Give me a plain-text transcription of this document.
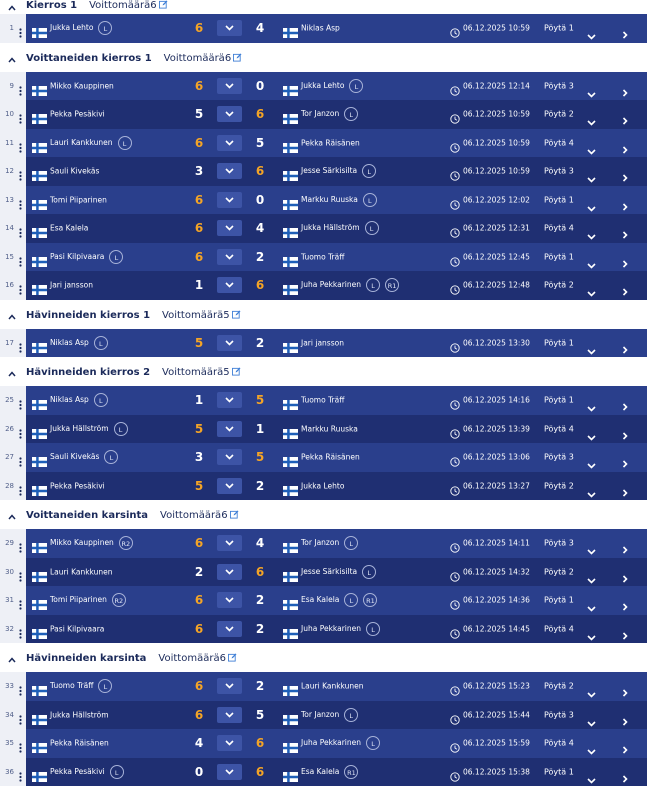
Kierros 1 Voittomäärä6
1	Jukka Lehto L	6	4	Niklas Asp	06.12.2025 10:59 Pöytä 1
Voittaneiden kierros 1 Voittomäärä6
9	Mikko Kauppinen	6	0	Jukka Lehto L	06.12.2025 12:14 Pöytä 3
10	Pekka Pesäkivi	5	6	Tor Janzon L	06.12.2025 10:59 Pöytä 2
11	Lauri Kankkunen L	6	5	Pekka Räisänen	06.12.2025 10:59 Pöytä 4
12	Sauli Kivekäs	3	6	Jesse Särkisilta L	06.12.2025 10:59 Pöytä 3
13	Tomi Piiparinen	6	0	Markku Ruuska L	06.12.2025 12:02 Pöytä 1
14	Esa Kalela	6	4	Jukka Hällström L	06.12.2025 12:31 Pöytä 4
15	Pasi Kilpivaara L	6	2	Tuomo Träff	06.12.2025 12:45 Pöytä 1
16	Jari jansson	1	6	Juha Pekkarinen L R1	06.12.2025 12:48 Pöytä 2
Hävinneiden kierros 1 Voittomäärä5
17	Niklas Asp L	5	2	Jari jansson	06.12.2025 13:30 Pöytä 1
Hävinneiden kierros 2 Voittomäärä5
25	Niklas Asp L	1	5	Tuomo Träff	06.12.2025 14:16 Pöytä 1
26	Jukka Hällström L	5	1	Markku Ruuska	06.12.2025 13:39 Pöytä 4
27	Sauli Kivekäs L	3	5	Pekka Räisänen	06.12.2025 13:06 Pöytä 3
28	Pekka Pesäkivi	5	2	Jukka Lehto	06.12.2025 13:27 Pöytä 2
Voittaneiden karsinta Voittomäärä6
29	Mikko Kauppinen R2	6	4	Tor Janzon L	06.12.2025 14:11 Pöytä 3
30	Lauri Kankkunen	2	6	Jesse Särkisilta L	06.12.2025 14:32 Pöytä 2
31	Tomi Piiparinen R2	6	2	Esa Kalela L R1	06.12.2025 14:36 Pöytä 1
32	Pasi Kilpivaara	6	2	Juha Pekkarinen L	06.12.2025 14:45 Pöytä 4
Hävinneiden karsinta Voittomäärä6
33	Tuomo Träff L	6	2	Lauri Kankkunen	06.12.2025 15:23 Pöytä 2
34	Jukka Hällström	6	5	Tor Janzon L	06.12.2025 15:44 Pöytä 3
35	Pekka Räisänen	4	6	Juha Pekkarinen L	06.12.2025 15:59 Pöytä 4
36	Pekka Pesäkivi L	0	6	Esa Kalela R1	06.12.2025 15:38 Pöytä 1
